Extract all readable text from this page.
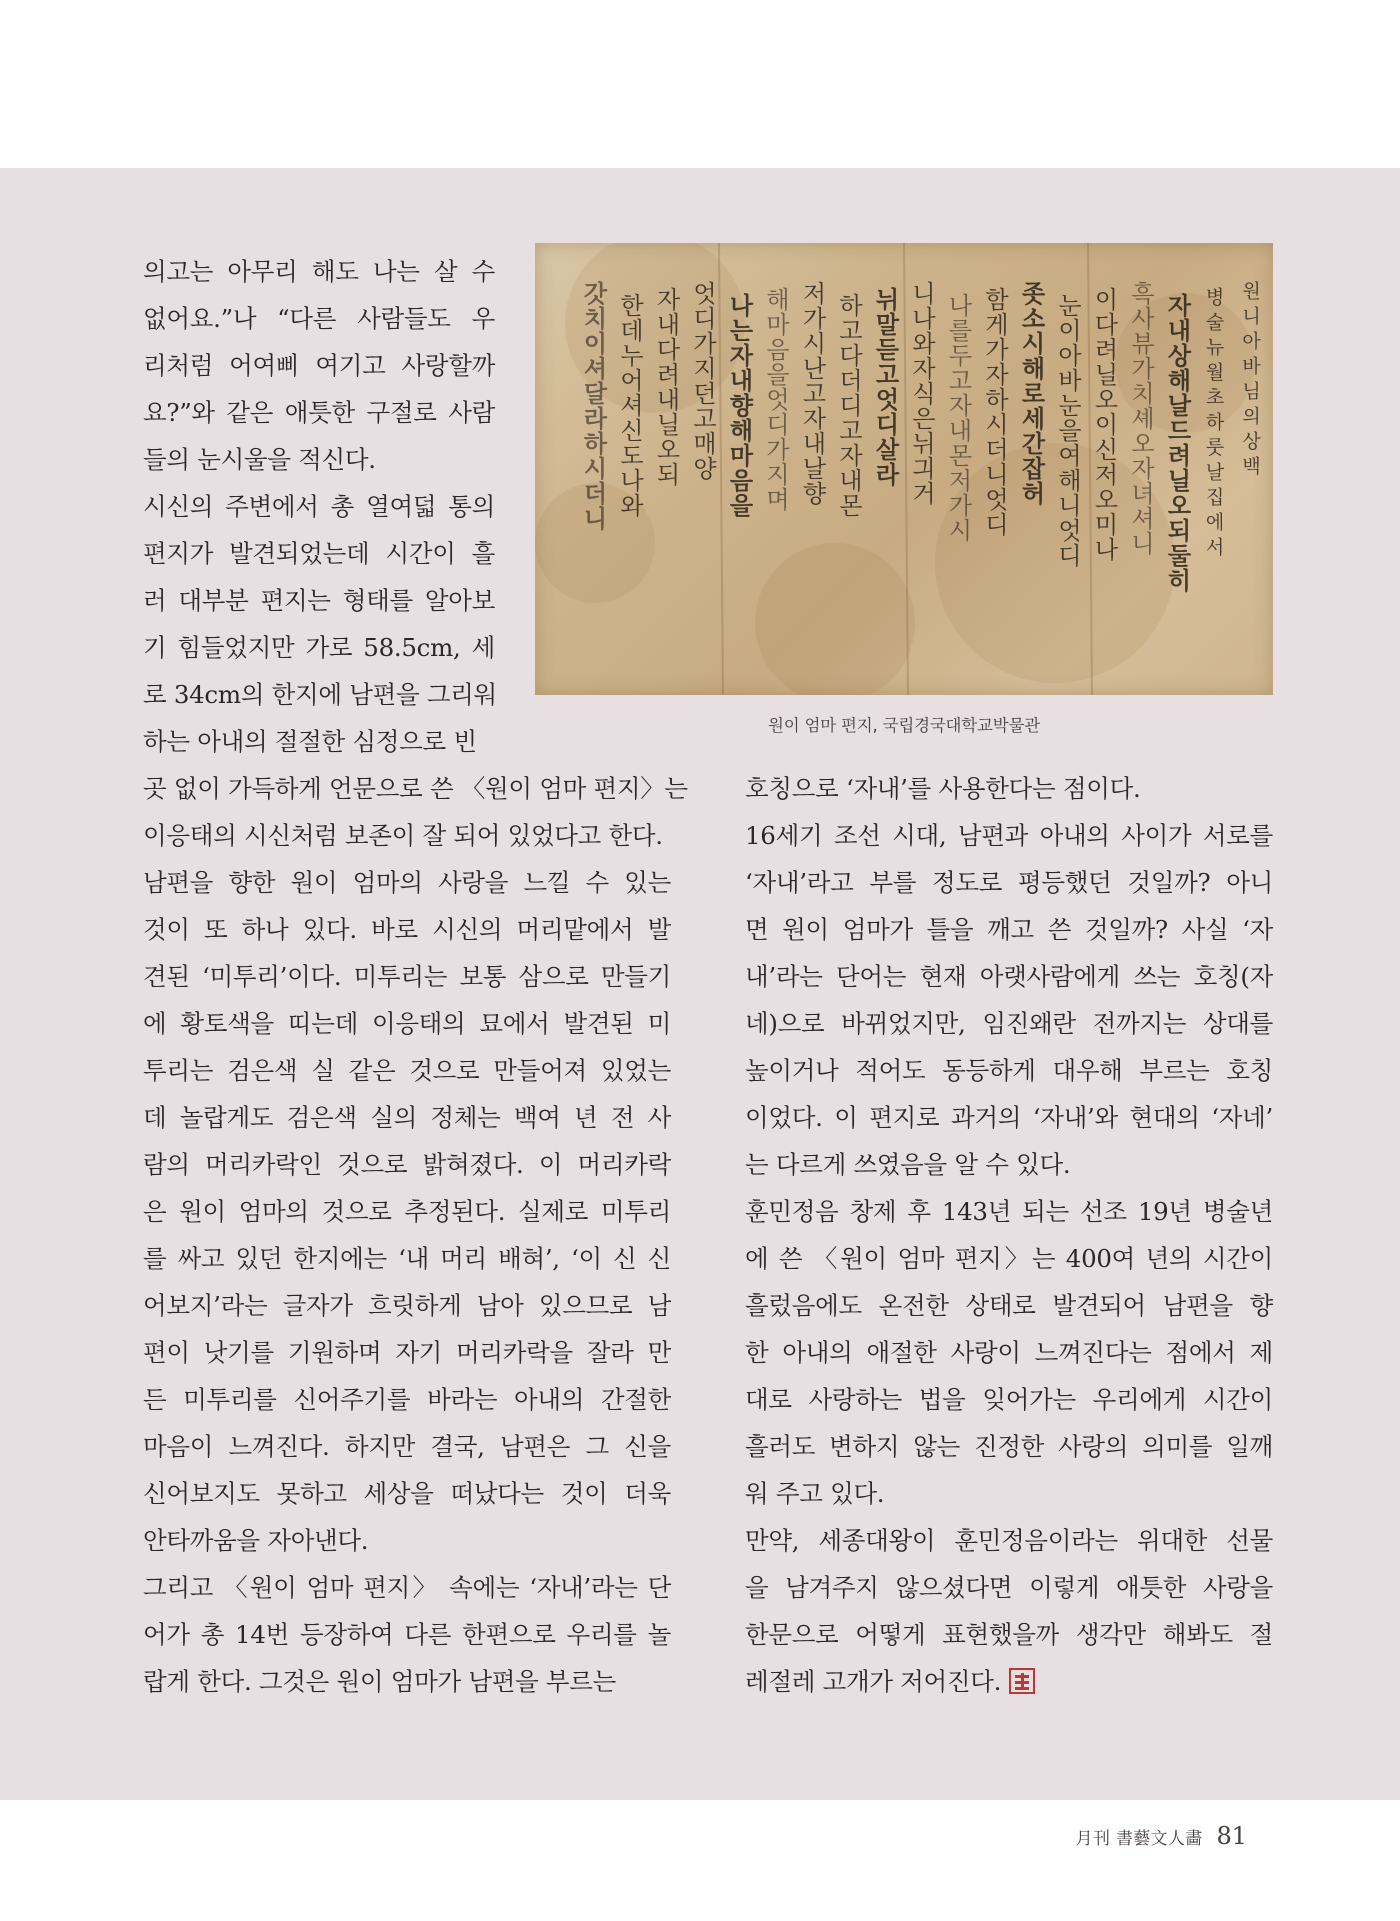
의고는 아무리 해도 나는 살 수
없어요.”나 “다른 사람들도 우
리처럼 어여삐 여기고 사랑할까
요?”와 같은 애틋한 구절로 사람
들의 눈시울을 적신다.
시신의 주변에서 총 열여덟 통의
편지가 발견되었는데 시간이 흘
러 대부분 편지는 형태를 알아보
기 힘들었지만 가로 58.5cm, 세
로 34cm의 한지에 남편을 그리워
하는 아내의 절절한 심정으로 빈
곳 없이 가득하게 언문으로 쓴 〈원이 엄마 편지〉는
이응태의 시신처럼 보존이 잘 되어 있었다고 한다.
남편을 향한 원이 엄마의 사랑을 느낄 수 있는
것이 또 하나 있다. 바로 시신의 머리맡에서 발
견된 ‘미투리’이다. 미투리는 보통 삼으로 만들기
에 황토색을 띠는데 이응태의 묘에서 발견된 미
투리는 검은색 실 같은 것으로 만들어져 있었는
데 놀랍게도 검은색 실의 정체는 백여 년 전 사
람의 머리카락인 것으로 밝혀졌다. 이 머리카락
은 원이 엄마의 것으로 추정된다. 실제로 미투리
를 싸고 있던 한지에는 ‘내 머리 배혀’, ‘이 신 신
어보지’라는 글자가 흐릿하게 남아 있으므로 남
편이 낫기를 기원하며 자기 머리카락을 잘라 만
든 미투리를 신어주기를 바라는 아내의 간절한
마음이 느껴진다. 하지만 결국, 남편은 그 신을
신어보지도 못하고 세상을 떠났다는 것이 더욱
안타까움을 자아낸다.
그리고 〈원이 엄마 편지〉 속에는 ‘자내’라는 단
어가 총 14번 등장하여 다른 한편으로 우리를 놀
랍게 한다. 그것은 원이 엄마가 남편을 부르는
호칭으로 ‘자내’를 사용한다는 점이다.
16세기 조선 시대, 남편과 아내의 사이가 서로를
‘자내’라고 부를 정도로 평등했던 것일까? 아니
면 원이 엄마가 틀을 깨고 쓴 것일까? 사실 ‘자
내’라는 단어는 현재 아랫사람에게 쓰는 호칭(자
네)으로 바뀌었지만, 임진왜란 전까지는 상대를
높이거나 적어도 동등하게 대우해 부르는 호칭
이었다. 이 편지로 과거의 ‘자내’와 현대의 ‘자네’
는 다르게 쓰였음을 알 수 있다.
훈민정음 창제 후 143년 되는 선조 19년 병술년
에 쓴 〈원이 엄마 편지〉는 400여 년의 시간이
흘렀음에도 온전한 상태로 발견되어 남편을 향
한 아내의 애절한 사랑이 느껴진다는 점에서 제
대로 사랑하는 법을 잊어가는 우리에게 시간이
흘러도 변하지 않는 진정한 사랑의 의미를 일깨
워 주고 있다.
만약, 세종대왕이 훈민정음이라는 위대한 선물
을 남겨주지 않으셨다면 이렇게 애틋한 사랑을
한문으로 어떻게 표현했을까 생각만 해봐도 절
레절레 고개가 저어진다.
원니아바님의상백
병술뉴월초하룻날집에서
자내상해날드려닐오되둘히
흑사뷰가치셰오자녀셔니
이다려닐오이신저오미나
눈이아바눈을여해니엇디
좃소시해로세간잡허
함게가자하시더니엇디
나를두고자내몬저가시
니나와자식은뉘긔거
뉘말듣고엇디살라
하고다더디고자내몬
저가시난고자내날향
해마음을엇디가지며
나는자내향해마음을
엇디가지던고매양
자내다려내닐오되
한데누어셔신도나와
갓치이셔달라하시더니
원이 엄마 편지, 국립경국대학교박물관
月刊 書藝文人畵 81
